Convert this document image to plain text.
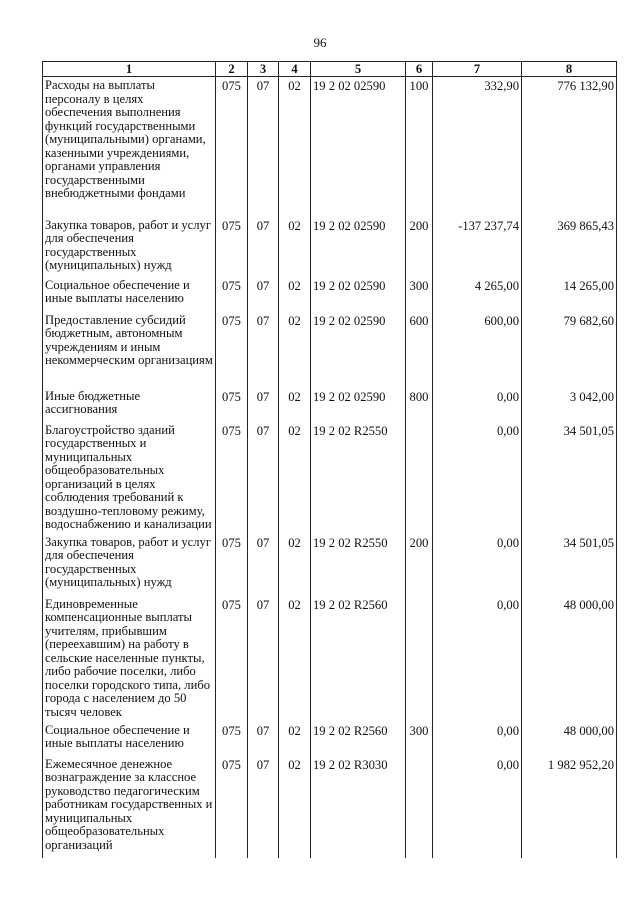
96
1	2	3	4	5	6	7	8
Расходы на выплаты персоналу в целях обеспечения выполнения функций государственными (муниципальными) органами, казенными учреждениями, органами управления государственными внебюджетными фондами	075	07	02	19 2 02 02590	100	332,90	776 132,90
Закупка товаров, работ и услуг для обеспечения государственных (муниципальных) нужд	075	07	02	19 2 02 02590	200	-137 237,74	369 865,43
Социальное обеспечение и иные выплаты населению	075	07	02	19 2 02 02590	300	4 265,00	14 265,00
Предоставление субсидий бюджетным, автономным учреждениям и иным некоммерческим организациям	075	07	02	19 2 02 02590	600	600,00	79 682,60
Иные бюджетные ассигнования	075	07	02	19 2 02 02590	800	0,00	3 042,00
Благоустройство зданий государственных и муниципальных общеобразовательных организаций в целях соблюдения требований к воздушно-тепловому режиму, водоснабжению и канализации	075	07	02	19 2 02 R2550		0,00	34 501,05
Закупка товаров, работ и услуг для обеспечения государственных (муниципальных) нужд	075	07	02	19 2 02 R2550	200	0,00	34 501,05
Единовременные компенсационные выплаты учителям, прибывшим (переехавшим) на работу в сельские населенные пункты, либо рабочие поселки, либо поселки городского типа, либо города с населением до 50 тысяч человек	075	07	02	19 2 02 R2560		0,00	48 000,00
Социальное обеспечение и иные выплаты населению	075	07	02	19 2 02 R2560	300	0,00	48 000,00
Ежемесячное денежное вознаграждение за классное руководство педагогическим работникам государственных и муниципальных общеобразовательных организаций	075	07	02	19 2 02 R3030		0,00	1 982 952,20
